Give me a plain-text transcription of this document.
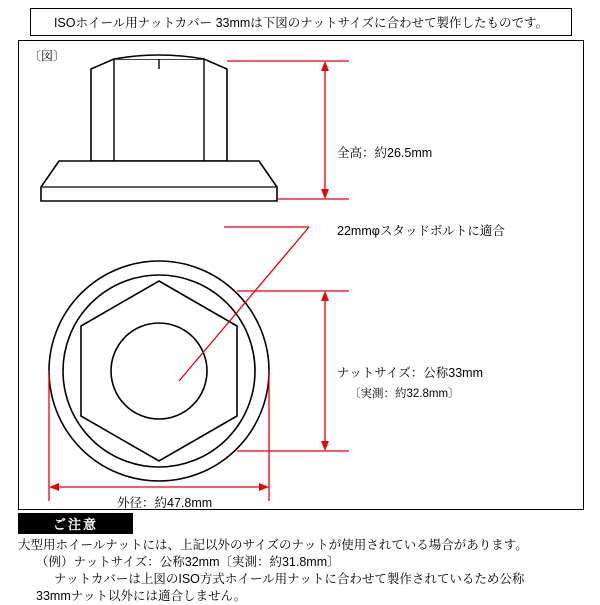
ISOホイール用ナットカバー 33mmは下図のナットサイズに合わせて製作したものです。
〔図〕
全高：約26.5mm
22mmφスタッドボルトに適合
ナットサイズ：公称33mm
〔実測：約32.8mm〕
外径：約47.8mm
ご注意
大型用ホイールナットには、上記以外のサイズのナットが使用されている場合があります。
（例）ナットサイズ：公称32mm〔実測：約31.8mm〕
ナットカバーは上図のISO方式ホイール用ナットに合わせて製作されているため公称
33mmナット以外には適合しません。
